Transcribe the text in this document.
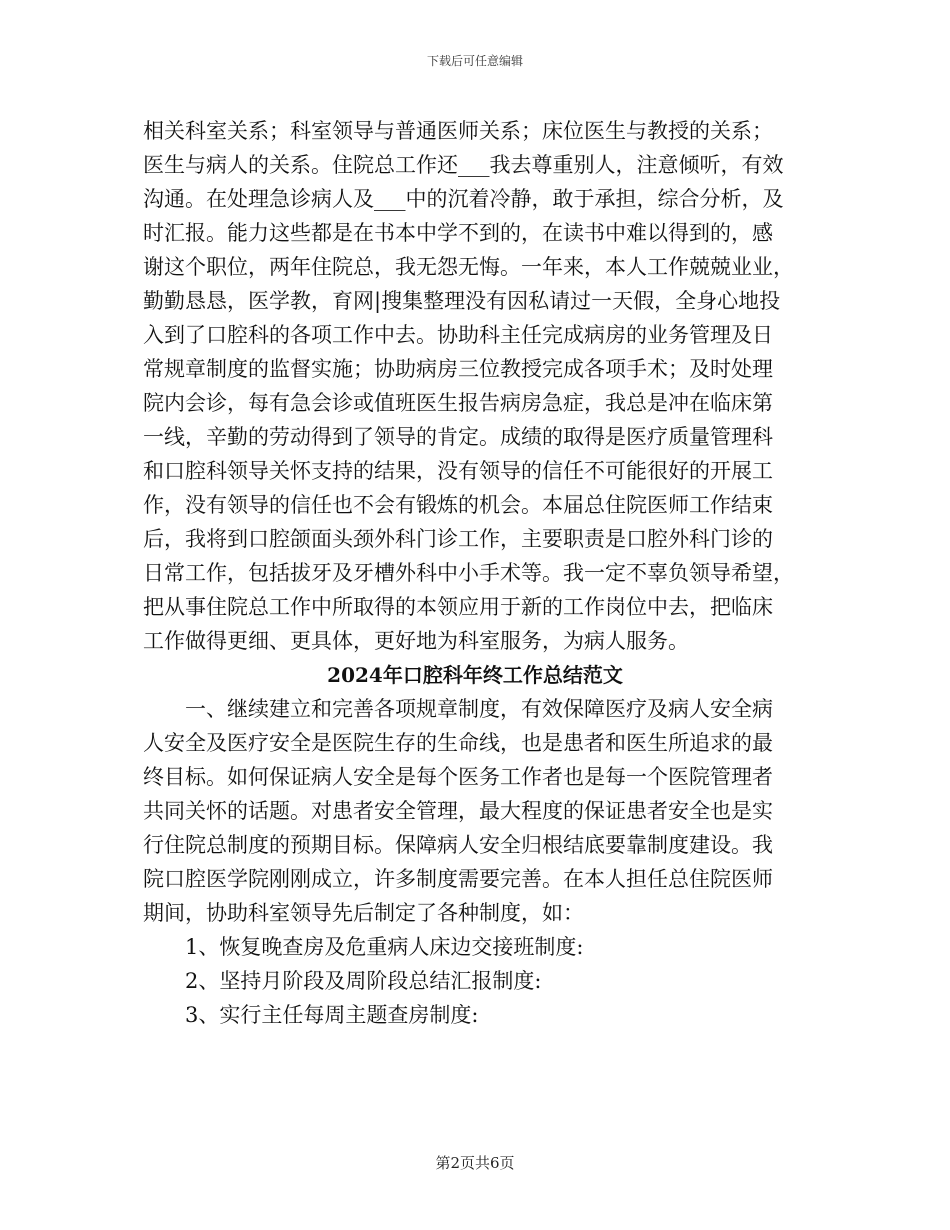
下载后可任意编辑
相关科室关系；科室领导与普通医师关系；床位医生与教授的关系；
医生与病人的关系。住院总工作还___我去尊重别人，注意倾听，有效
沟通。在处理急诊病人及___中的沉着冷静，敢于承担，综合分析，及
时汇报。能力这些都是在书本中学不到的，在读书中难以得到的，感
谢这个职位，两年住院总，我无怨无悔。一年来，本人工作兢兢业业，
勤勤恳恳，医学教，育网|搜集整理没有因私请过一天假，全身心地投
入到了口腔科的各项工作中去。协助科主任完成病房的业务管理及日
常规章制度的监督实施；协助病房三位教授完成各项手术；及时处理
院内会诊，每有急会诊或值班医生报告病房急症，我总是冲在临床第
一线，辛勤的劳动得到了领导的肯定。成绩的取得是医疗质量管理科
和口腔科领导关怀支持的结果，没有领导的信任不可能很好的开展工
作，没有领导的信任也不会有锻炼的机会。本届总住院医师工作结束
后，我将到口腔颌面头颈外科门诊工作，主要职责是口腔外科门诊的
日常工作，包括拔牙及牙槽外科中小手术等。我一定不辜负领导希望，
把从事住院总工作中所取得的本领应用于新的工作岗位中去，把临床
工作做得更细、更具体，更好地为科室服务，为病人服务。
2024年口腔科年终工作总结范文
　　一、继续建立和完善各项规章制度，有效保障医疗及病人安全病
人安全及医疗安全是医院生存的生命线，也是患者和医生所追求的最
终目标。如何保证病人安全是每个医务工作者也是每一个医院管理者
共同关怀的话题。对患者安全管理，最大程度的保证患者安全也是实
行住院总制度的预期目标。保障病人安全归根结底要靠制度建设。我
院口腔医学院刚刚成立，许多制度需要完善。在本人担任总住院医师
期间，协助科室领导先后制定了各种制度，如：
　　1、恢复晚查房及危重病人床边交接班制度:
　　2、坚持月阶段及周阶段总结汇报制度:
　　3、实行主任每周主题查房制度:
第2页共6页
